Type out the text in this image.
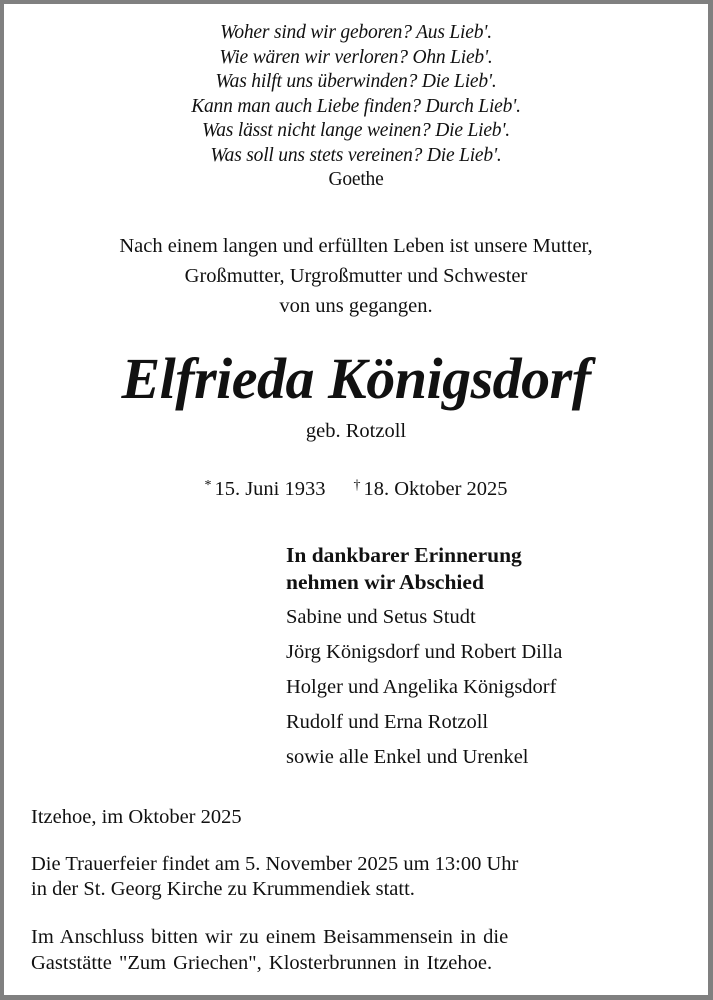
Woher sind wir geboren? Aus Lieb'.
Wie wären wir verloren? Ohn Lieb'.
Was hilft uns überwinden? Die Lieb'.
Kann man auch Liebe finden? Durch Lieb'.
Was lässt nicht lange weinen? Die Lieb'.
Was soll uns stets vereinen? Die Lieb'.
Goethe
Nach einem langen und erfüllten Leben ist unsere Mutter,
Großmutter, Urgroßmutter und Schwester
von uns gegangen.
Elfrieda Königsdorf
geb. Rotzoll
* 15. Juni 1933 † 18. Oktober 2025
In dankbarer Erinnerung
nehmen wir Abschied
Sabine und Setus Studt
Jörg Königsdorf und Robert Dilla
Holger und Angelika Königsdorf
Rudolf und Erna Rotzoll
sowie alle Enkel und Urenkel
Itzehoe, im Oktober 2025
Die Trauerfeier findet am 5. November 2025 um 13:00 Uhr
in der St. Georg Kirche zu Krummendiek statt.
Im Anschluss bitten wir zu einem Beisammensein in die
Gaststätte "Zum Griechen", Klosterbrunnen in Itzehoe.
